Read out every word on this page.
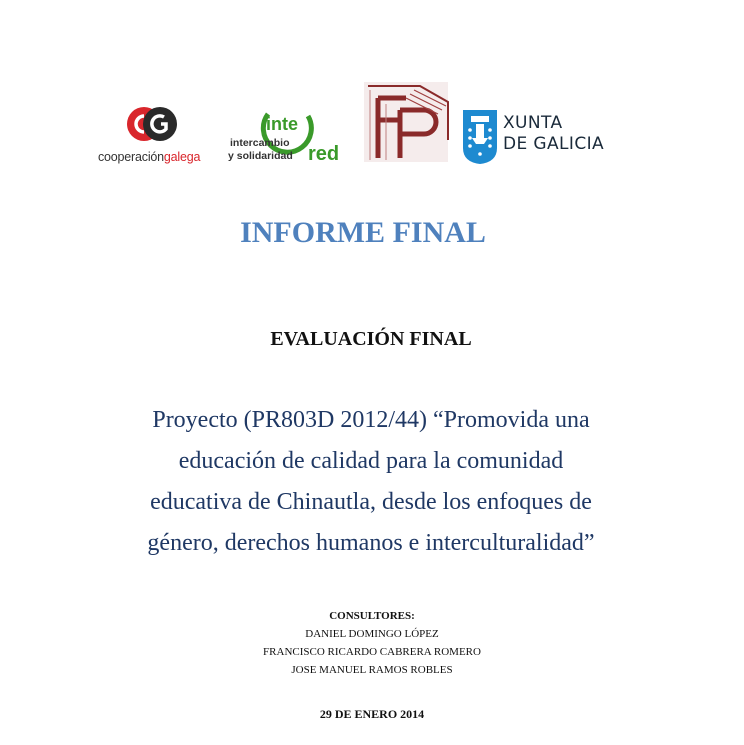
cooperacióngalega
inte
intercambio
y solidaridad red
XUNTA
DE GALICIA
INFORME FINAL
EVALUACIÓN FINAL
Proyecto (PR803D 2012/44) “Promovida una
educación de calidad para la comunidad
educativa de Chinautla, desde los enfoques de
género, derechos humanos e interculturalidad”
CONSULTORES:
DANIEL DOMINGO LÓPEZ
FRANCISCO RICARDO CABRERA ROMERO
JOSE MANUEL RAMOS ROBLES
29 DE ENERO 2014
